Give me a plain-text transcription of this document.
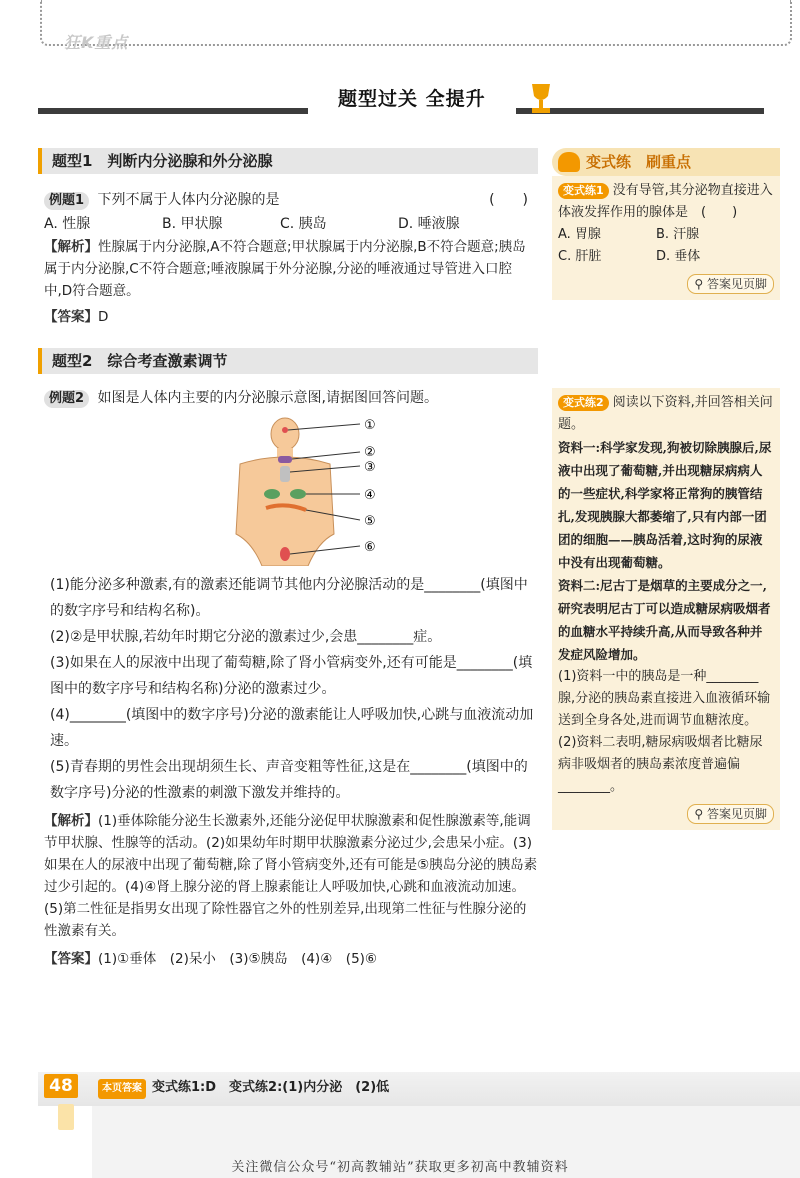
狂K重点
题型过关 全提升
题型1　判断内分泌腺和外分泌腺
例题1 下列不属于人体内分泌腺的是	(　　)
A. 性腺	B. 甲状腺	C. 胰岛	D. 唾液腺
【解析】性腺属于内分泌腺,A不符合题意;甲状腺属于内分泌腺,B不符合题意;胰岛属于内分泌腺,C不符合题意;唾液腺属于外分泌腺,分泌的唾液通过导管进入口腔中,D符合题意。
【答案】D
题型2　综合考查激素调节
例题2 如图是人体内主要的内分泌腺示意图,请据图回答问题。
①
②
③
④
⑤
⑥
(1)能分泌多种激素,有的激素还能调节其他内分泌腺活动的是________(填图中的数字序号和结构名称)。
(2)②是甲状腺,若幼年时期它分泌的激素过少,会患________症。
(3)如果在人的尿液中出现了葡萄糖,除了肾小管病变外,还有可能是________(填图中的数字序号和结构名称)分泌的激素过少。
(4)________(填图中的数字序号)分泌的激素能让人呼吸加快,心跳与血液流动加速。
(5)青春期的男性会出现胡须生长、声音变粗等性征,这是在________(填图中的数字序号)分泌的性激素的刺激下激发并维持的。
【解析】(1)垂体除能分泌生长激素外,还能分泌促甲状腺激素和促性腺激素等,能调节甲状腺、性腺等的活动。(2)如果幼年时期甲状腺激素分泌过少,会患呆小症。(3)如果在人的尿液中出现了葡萄糖,除了肾小管病变外,还有可能是⑤胰岛分泌的胰岛素过少引起的。(4)④肾上腺分泌的肾上腺素能让人呼吸加快,心跳和血液流动加速。(5)第二性征是指男女出现了除性器官之外的性别差异,出现第二性征与性腺分泌的性激素有关。
【答案】(1)①垂体　(2)呆小　(3)⑤胰岛　(4)④　(5)⑥
变式练　刷重点
变式练1 没有导管,其分泌物直接进入体液发挥作用的腺体是　(　　)
A. 胃腺	B. 汗腺
C. 肝脏	D. 垂体
⚲ 答案见页脚
变式练2 阅读以下资料,并回答相关问题。
资料一:科学家发现,狗被切除胰腺后,尿液中出现了葡萄糖,并出现糖尿病病人的一些症状,科学家将正常狗的胰管结扎,发现胰腺大都萎缩了,只有内部一团团的细胞——胰岛活着,这时狗的尿液中没有出现葡萄糖。
资料二:尼古丁是烟草的主要成分之一,研究表明尼古丁可以造成糖尿病吸烟者的血糖水平持续升高,从而导致各种并发症风险增加。
(1)资料一中的胰岛是一种________腺,分泌的胰岛素直接进入血液循环输送到全身各处,进而调节血糖浓度。
(2)资料二表明,糖尿病吸烟者比糖尿病非吸烟者的胰岛素浓度普遍偏________。
⚲ 答案见页脚
48	本页答案 变式练1:D　变式练2:(1)内分泌　(2)低
关注微信公众号“初高教辅站”获取更多初高中教辅资料
